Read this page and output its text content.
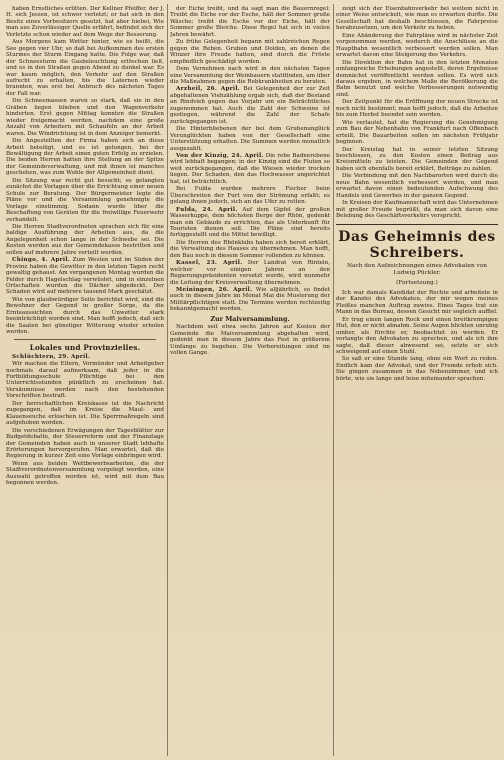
haben Ernstliches erlitten. Der Kellner Pfeiffer, der J. H. sich Jessen, ist schwer verletzt; er hat sich in den Besitz eines Vorbesitzers gesetzt, hat aber hiebei, Wie man aus Zuverlässiger Quelle erfährt, befindet sich der Verletzte schon wieder auf dem Wege der Besserung.

Aus Morgens kam Wetter hinter, wie es heißt, die See gegen vier Uhr, so daß bei Aufkommen des ersten Sturmes der Sturm Eingang hatte. Die Folge war, daß der Schneesturm die Gasbeleuchtung erlöschen ließ, und es in den Straßen gegen Abend zu dunkel war. Es war kaum möglich, den Verkehr auf den Straßen aufrecht zu erhalten, bis die Laternen wieder brannten, was erst bei Anbruch des nächsten Tages der Fall war.

Die Schneemassen waren so stark, daß sie in den Gräben liegen blieben und den Wagenverkehr hinderten. Erst gegen Mittag konnten die Straßen wieder freigemacht werden, nachdem eine große Anzahl von Arbeitern mit Schaufeln an der Arbeit waren. Die Windrichtung ist in dem Anzeiger bemerkt.

Die Angestellten der Firma haben sich an diese Arbeit beteiligt, und es ist gelungen, bei der Bewältigung der Arbeit einen guten Erfolg zu erzielen. Die beiden Herren hatten ihre Stellung an der Spitze der Gemeindeverwaltung, und mit ihnen ist manches geschehen, was zum Wohle der Allgemeinheit dient.

Die Sitzung war recht gut besucht; es gelangten zunächst die Vorlagen über die Errichtung einer neuen Schule zur Beratung. Der Bürgermeister legte die Pläne vor und die Versammlung genehmigte die Vorlage einstimmig. Sodann wurde über die Beschaffung von Geräten für die freiwillige Feuerwehr verhandelt.

Die Herren Stadtverordneten sprachen sich für eine baldige Ausführung der Arbeiten aus, da die Angelegenheit schon lange in der Schwebe sei. Die Kosten werden aus der Gemeindekasse bestritten und sollen auf mehrere Jahre verteilt werden.

Chingo, 4. April. Zum Westen und im Süden der Provinz haben die Gewitter in den letzten Tagen recht gewaltig gehaust. Am vergangenen Montag wurden die Felder durch Hagelschlag verwüstet, und in einzelnen Ortschaften wurden die Dächer abgedeckt. Der Schaden wird auf mehrere tausend Mark geschätzt.

Wie von glaubwürdiger Seite berichtet wird, sind die Bewohner der Gegend in großer Sorge, da die Ernteaussichten durch das Unwetter stark beeinträchtigt worden sind. Man hofft jedoch, daß sich die Saaten bei günstiger Witterung wieder erholen werden.

Lokales und Provinzielles.

Schlüchtern, 29. April.

Wir machen die Eltern, Vormünder und Arbeitgeber nochmals darauf aufmerksam, daß jeder in die Fortbildungsschule Pflichtige bei den Unterrichtsstunden pünktlich zu erscheinen hat. Versäumnisse werden nach den bestehenden Vorschriften bestraft.

Der herrschaftlichen Kreiskasse ist die Nachricht zugegangen, daß im Kreise die Maul- und Klauenseuche erloschen ist. Die Sperrmaßregeln sind aufgehoben worden.

Die verschiedenen Erwägungen der Tagesblätter zur Budgetdebatte, der Steuerreform und der Finanzlage der Gemeinden haben auch in unserer Stadt lebhafte Erörterungen hervorgerufen. Man erwartet, daß die Regierung in kurzer Zeit eine Vorlage einbringen wird.

Wenn aus beiden Wettbewerbsarbeiten, die der Stadtverordnetenversammlung vorgelegt werden, eine Auswahl getroffen worden ist, wird mit dem Bau begonnen werden.

der Eiche treibt, und da sagt man die Bauernregel: Treibt die Eiche vor der Esche, hält der Sommer große Wäsche; treibt die Esche vor der Eiche, hält der Sommer große Bleiche. Diese Regel hat sich in vielen Jahren bewährt.

Zu frühe Gelegenheit begann mit zahlreichen Regen gegen die Reben. Gruben und Dolden, an denen die Winzer ihre Freude hatten, sind durch die Fröste empfindlich geschädigt worden.

Dem Vernehmen nach wird in den nächsten Tagen eine Versammlung der Weinbauern stattfinden, um über die Maßnahmen gegen die Rebkrankheiten zu beraten.

Arzheil, 26. April. Bei Gelegenheit der zur Zeit abgehaltenen Viehzählung ergab sich, daß der Bestand an Rindvieh gegen das Vorjahr um ein Beträchtliches zugenommen hat. Auch die Zahl der Schweine ist gestiegen, während die Zahl der Schafe zurückgegangen ist.

Die Hinterbliebenen der bei dem Grubenunglück Verunglückten haben von der Gesellschaft eine Unterstützung erhalten. Die Summen werden monatlich ausgezahlt.

Von der Kinzig, 24. April. Die rohe Badnerebene wird lebhaft begangen; in der Kinzig sind die Fluten so weit zurückgegangen, daß die Wiesen wieder trocken liegen. Der Schaden, den das Hochwasser angerichtet hat, ist beträchtlich.

Bei Fulda wurden mehrere Fischer beim Überschreiten der Furt von der Strömung erfaßt; es gelang ihnen jedoch, sich an das Ufer zu retten.

Fulda, 24. April. Auf dem Gipfel der großen Wasserkuppe, dem höchsten Berge der Rhön, gedenkt man ein Gebäude zu errichten, das als Unterkunft für Touristen dienen soll. Die Pläne sind bereits fertiggestellt und die Mittel bewilligt.

Die Herren des Rhönklubs haben sich bereit erklärt, die Verwaltung des Hauses zu übernehmen. Man hofft, den Bau noch in diesem Sommer vollenden zu können.

Kassel, 23. April. Der Landrat von Rinteln, welcher vor einigen Jahren an den Regierungspräsidenten versetzt wurde, wird nunmehr die Leitung der Kreisverwaltung übernehmen.

Meiningen, 26. April. Wie alljährlich, so findet auch in diesem Jahre im Monat Mai die Musterung der Militärpflichtigen statt. Die Termine werden rechtzeitig bekanntgemacht werden.

Zur Maiversammlung.

Nachdem seit etwa sechs Jahren auf Kosten der Gemeinde die Maiversammlung abgehalten wird, gedenkt man in diesem Jahre das Fest in größerem Umfange zu begehen. Die Vorbereitungen sind im vollen Gange.

zeigt sich der Eisenbahnverkehr bei weitem nicht in einer Weise entwickelt, wie man es erwarten durfte. Die Gesellschaft hat deshalb beschlossen, die Fahrpreise herabzusetzen, um den Verkehr zu heben.

Eine Abänderung der Fahrpläne wird in nächster Zeit vorgenommen werden, wodurch die Anschlüsse an die Hauptbahn wesentlich verbessert werden sollen. Man erwartet davon eine Steigerung des Verkehrs.

Die Direktion der Bahn hat in den letzten Monaten umfangreiche Erhebungen angestellt, deren Ergebnisse demnächst veröffentlicht werden sollen. Es wird sich daraus ergeben, in welchem Maße die Bevölkerung die Bahn benutzt und welche Verbesserungen notwendig sind.

Der Zeitpunkt für die Eröffnung der neuen Strecke ist noch nicht bestimmt; man hofft jedoch, daß die Arbeiten bis zum Herbst beendet sein werden.

Wie verlautet, hat die Regierung die Genehmigung zum Bau der Nebenbahn von Frankfurt nach Offenbach erteilt. Die Bauarbeiten sollen im nächsten Frühjahr beginnen.

Der Kreistag hat in seiner letzten Sitzung beschlossen, zu den Kosten einen Beitrag aus Kreismitteln zu leisten. Die Gemeinden der Gegend haben sich ebenfalls bereit erklärt, Beiträge zu zahlen.

Die Verbindung mit den Nachbarorten wird durch die neue Bahn wesentlich verbessert werden, und man erwartet davon einen bedeutenden Aufschwung des Handels und Gewerbes in der ganzen Gegend.

In Kreisen der Kaufmannschaft wird das Unternehmen mit großer Freude begrüßt, da man sich davon eine Belebung des Geschäftsverkehrs verspricht.

Das Geheimnis des Schreibers.
Nach den Aufzeichnungen eines Advokaten von Ludwig Pückler.
(Fortsetzung.)

Ich war damals Kandidat der Rechte und arbeitete in der Kanzlei des Advokaten, der mir wegen meines Fleißes manchen Auftrag zuwies. Eines Tages trat ein Mann in das Bureau, dessen Gesicht mir sogleich auffiel.

Er trug einen langen Rock und einen breitkrempigen Hut, den er nicht abnahm. Seine Augen blickten unruhig umher, als fürchte er, beobachtet zu werden. Er verlangte den Advokaten zu sprechen, und als ich ihm sagte, daß dieser abwesend sei, setzte er sich schweigend auf einen Stuhl.

So saß er eine Stunde lang, ohne ein Wort zu reden. Endlich kam der Advokat, und der Fremde erhob sich. Sie gingen zusammen in das Nebenzimmer, und ich hörte, wie sie lange und leise miteinander sprachen.
